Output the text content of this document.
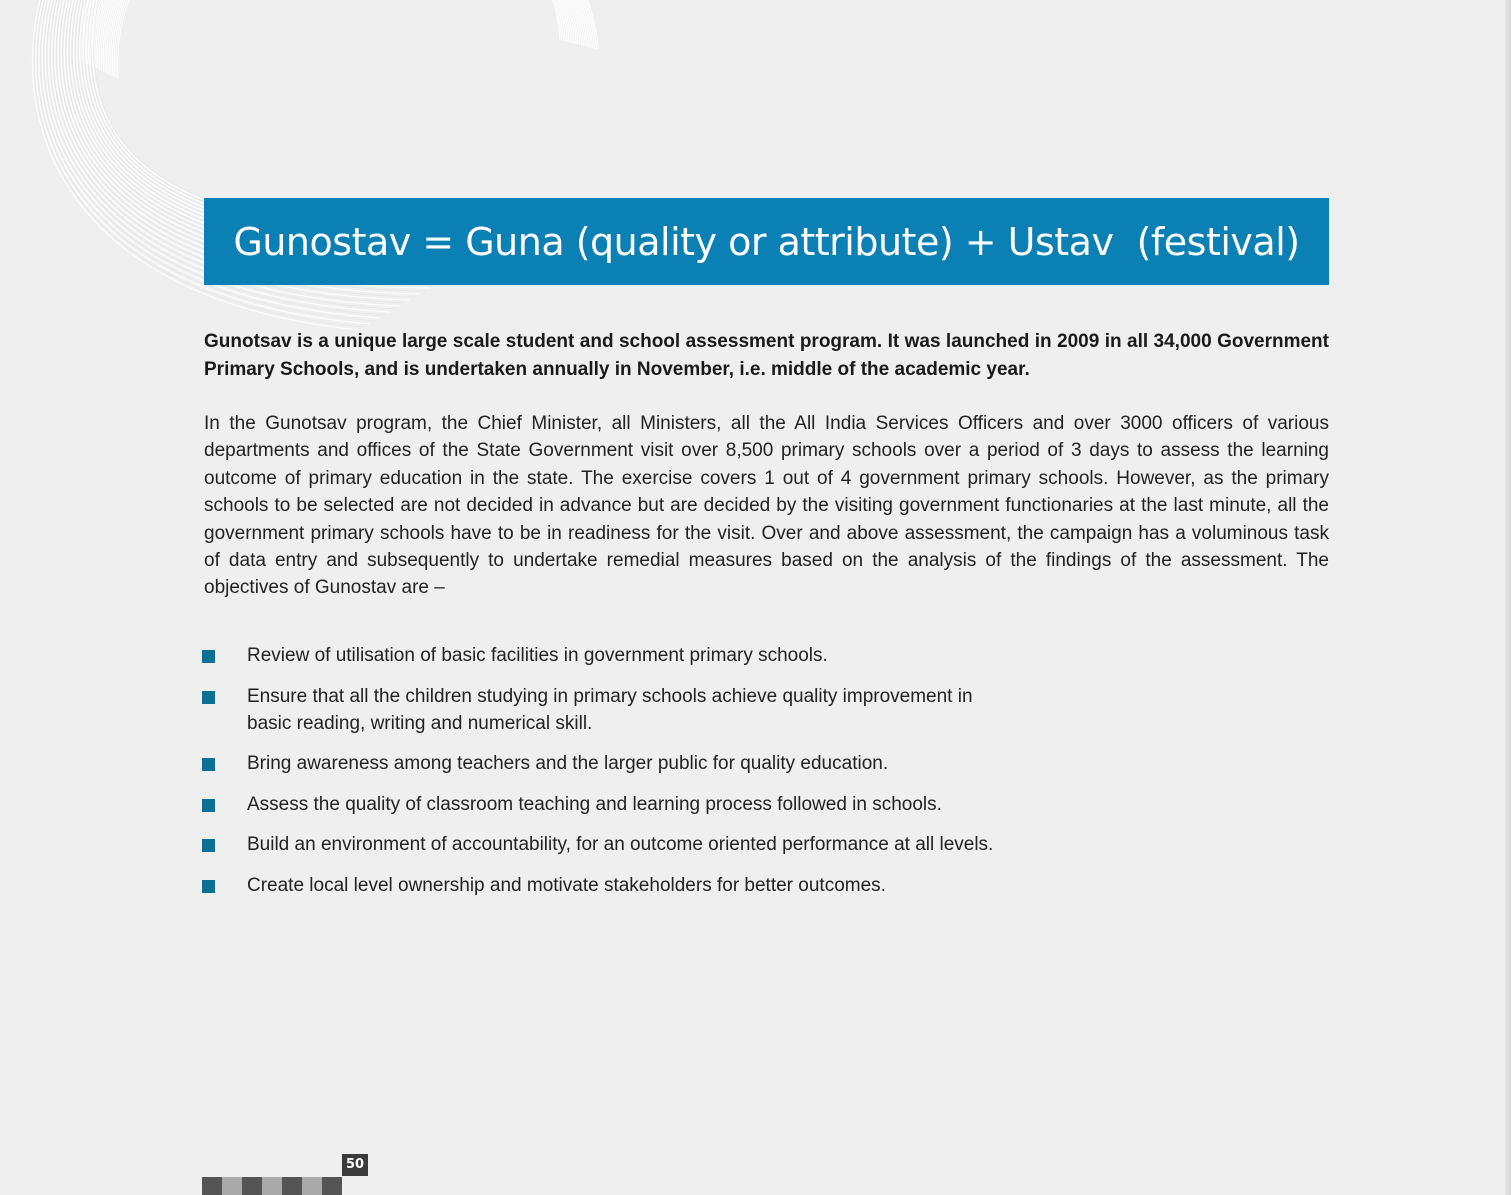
Gunostav = Guna (quality or attribute) + Ustav  (festival)

Gunotsav is a unique large scale student and school assessment program. It was launched in 2009 in all 34,000 Government Primary Schools, and is undertaken annually in November, i.e. middle of the academic year.

In the Gunotsav program, the Chief Minister, all Ministers, all the All India Services Officers and over 3000 officers of various departments and offices of the State Government visit over 8,500 primary schools over a period of 3 days to assess the learning outcome of primary education in the state. The exercise covers 1 out of 4 government primary schools. However, as the primary schools to be selected are not decided in advance but are decided by the visiting government functionaries at the last minute, all the government primary schools have to be in readiness for the visit. Over and above assessment, the campaign has a voluminous task of data entry and subsequently to undertake remedial measures based on the analysis of the findings of the assessment. The objectives of Gunostav are –

Review of utilisation of basic facilities in government primary schools.
Ensure that all the children studying in primary schools achieve quality improvement in basic reading, writing and numerical skill.
Bring awareness among teachers and the larger public for quality education.
Assess the quality of classroom teaching and learning process followed in schools.
Build an environment of accountability, for an outcome oriented performance at all levels.
Create local level ownership and motivate stakeholders for better outcomes.
50
